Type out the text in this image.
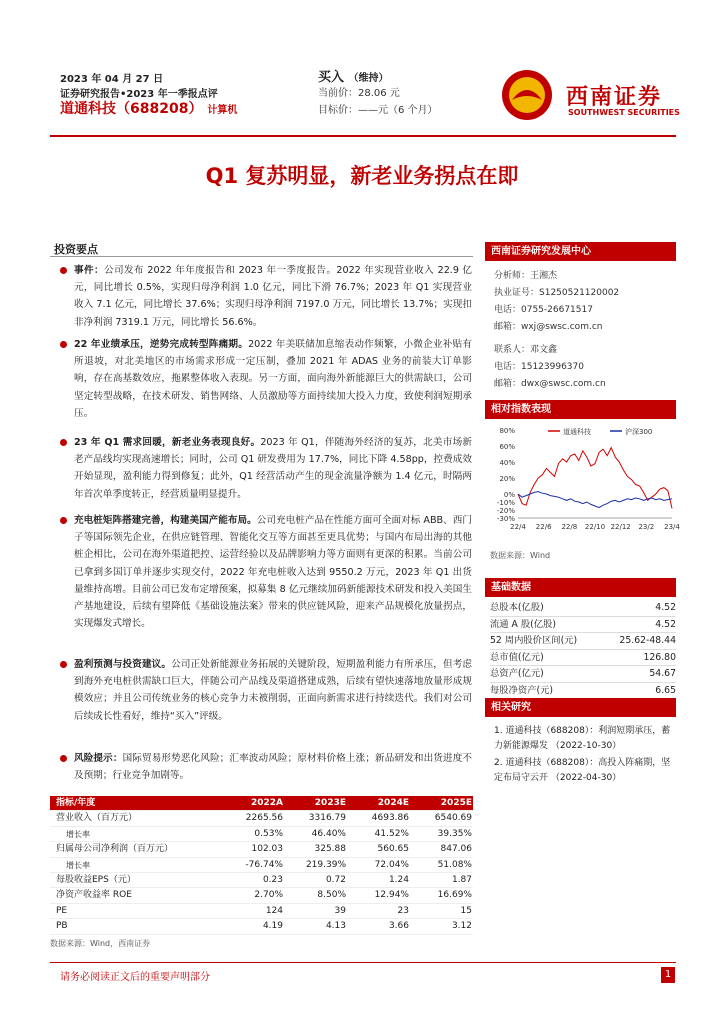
2023 年 04 月 27 日
证券研究报告•2023 年一季报点评
道通科技（688208） 计算机
买入 （维持）
当前价：28.06 元
目标价：——元（6 个月）
西南证券
SOUTHWEST SECURITIES
Q1 复苏明显，新老业务拐点在即
投资要点
事件：公司发布 2022 年年度报告和 2023 年一季度报告。2022 年实现营业收入 22.9 亿元，同比增长 0.5%，实现归母净利润 1.0 亿元，同比下滑 76.7%；2023 年 Q1 实现营业收入 7.1 亿元，同比增长 37.6%；实现归母净利润 7197.0 万元，同比增长 13.7%；实现扣非净利润 7319.1 万元，同比增长 56.6%。
22 年业绩承压，逆势完成转型阵痛期。2022 年美联储加息缩表动作频繁，小微企业补贴有所退坡，对北美地区的市场需求形成一定压制，叠加 2021 年 ADAS 业务的前装大订单影响，存在高基数效应，拖累整体收入表现。另一方面，面向海外新能源巨大的供需缺口，公司坚定转型战略，在技术研发、销售网络、人员激励等方面持续加大投入力度，致使利润短期承压。
23 年 Q1 需求回暖，新老业务表现良好。2023 年 Q1，伴随海外经济的复苏，北美市场新老产品线均实现高速增长；同时，公司 Q1 研发费用为 17.7%，同比下降 4.58pp，控费成效开始显现，盈利能力得到修复；此外，Q1 经营活动产生的现金流量净额为 1.4 亿元，时隔两年首次单季度转正，经营质量明显提升。
充电桩矩阵搭建完善，构建美国产能布局。公司充电桩产品在性能方面可全面对标 ABB、西门子等国际领先企业，在供应链管理、智能化交互等方面甚至更具优势；与国内布局出海的其他桩企相比，公司在海外渠道把控、运营经验以及品牌影响力等方面则有更深的积累。当前公司已拿到多国订单并逐步实现交付，2022 年充电桩收入达到 9550.2 万元，2023 年 Q1 出货量维持高增。目前公司已发布定增预案，拟募集 8 亿元继续加码新能源技术研发和投入美国生产基地建设，后续有望降低《基础设施法案》带来的供应链风险，迎来产品规模化放量拐点，实现爆发式增长。
盈利预测与投资建议。公司正处新能源业务拓展的关键阶段，短期盈利能力有所承压，但考虑到海外充电桩供需缺口巨大，伴随公司产品线及渠道搭建成熟，后续有望快速落地放量形成规模效应；并且公司传统业务的核心竞争力未被削弱，正面向新需求进行持续迭代。我们对公司后续成长性看好，维持“买入”评级。
风险提示：国际贸易形势恶化风险；汇率波动风险；原材料价格上涨；新品研发和出货进度不及预期；行业竞争加剧等。
指标/年度	2022A	2023E	2024E	2025E
营业收入（百万元）	2265.56	3316.79	4693.86	6540.69
增长率	0.53%	46.40%	41.52%	39.35%
归属母公司净利润（百万元）	102.03	325.88	560.65	847.06
增长率	-76.74%	219.39%	72.04%	51.08%
每股收益EPS（元）	0.23	0.72	1.24	1.87
净资产收益率 ROE	2.70%	8.50%	12.94%	16.69%
PE	124	39	23	15
PB	4.19	4.13	3.66	3.12
数据来源：Wind，西南证券
西南证券研究发展中心
分析师：王湘杰
执业证号：S1250521120002
电话：0755-26671517
邮箱：wxj@swsc.com.cn
联系人：邓文鑫
电话：15123996370
邮箱：dwx@swsc.com.cn
相对指数表现
80%
60%
40%
20%
0%
-10%
-20%
-30%
22/4 22/6 22/8 22/10 22/12 23/2 23/4
道通科技	沪深300
数据来源：Wind
基础数据
总股本(亿股)	4.52
流通 A 股(亿股)	4.52
52 周内股价区间(元)	25.62-48.44
总市值(亿元)	126.80
总资产(亿元)	54.67
每股净资产(元)	6.65
相关研究
1. 道通科技（688208）：利润短期承压，蓄力新能源爆发 （2022-10-30）
2. 道通科技（688208）：高投入阵痛期，坚定布局守云开 （2022-04-30）
请务必阅读正文后的重要声明部分	1
